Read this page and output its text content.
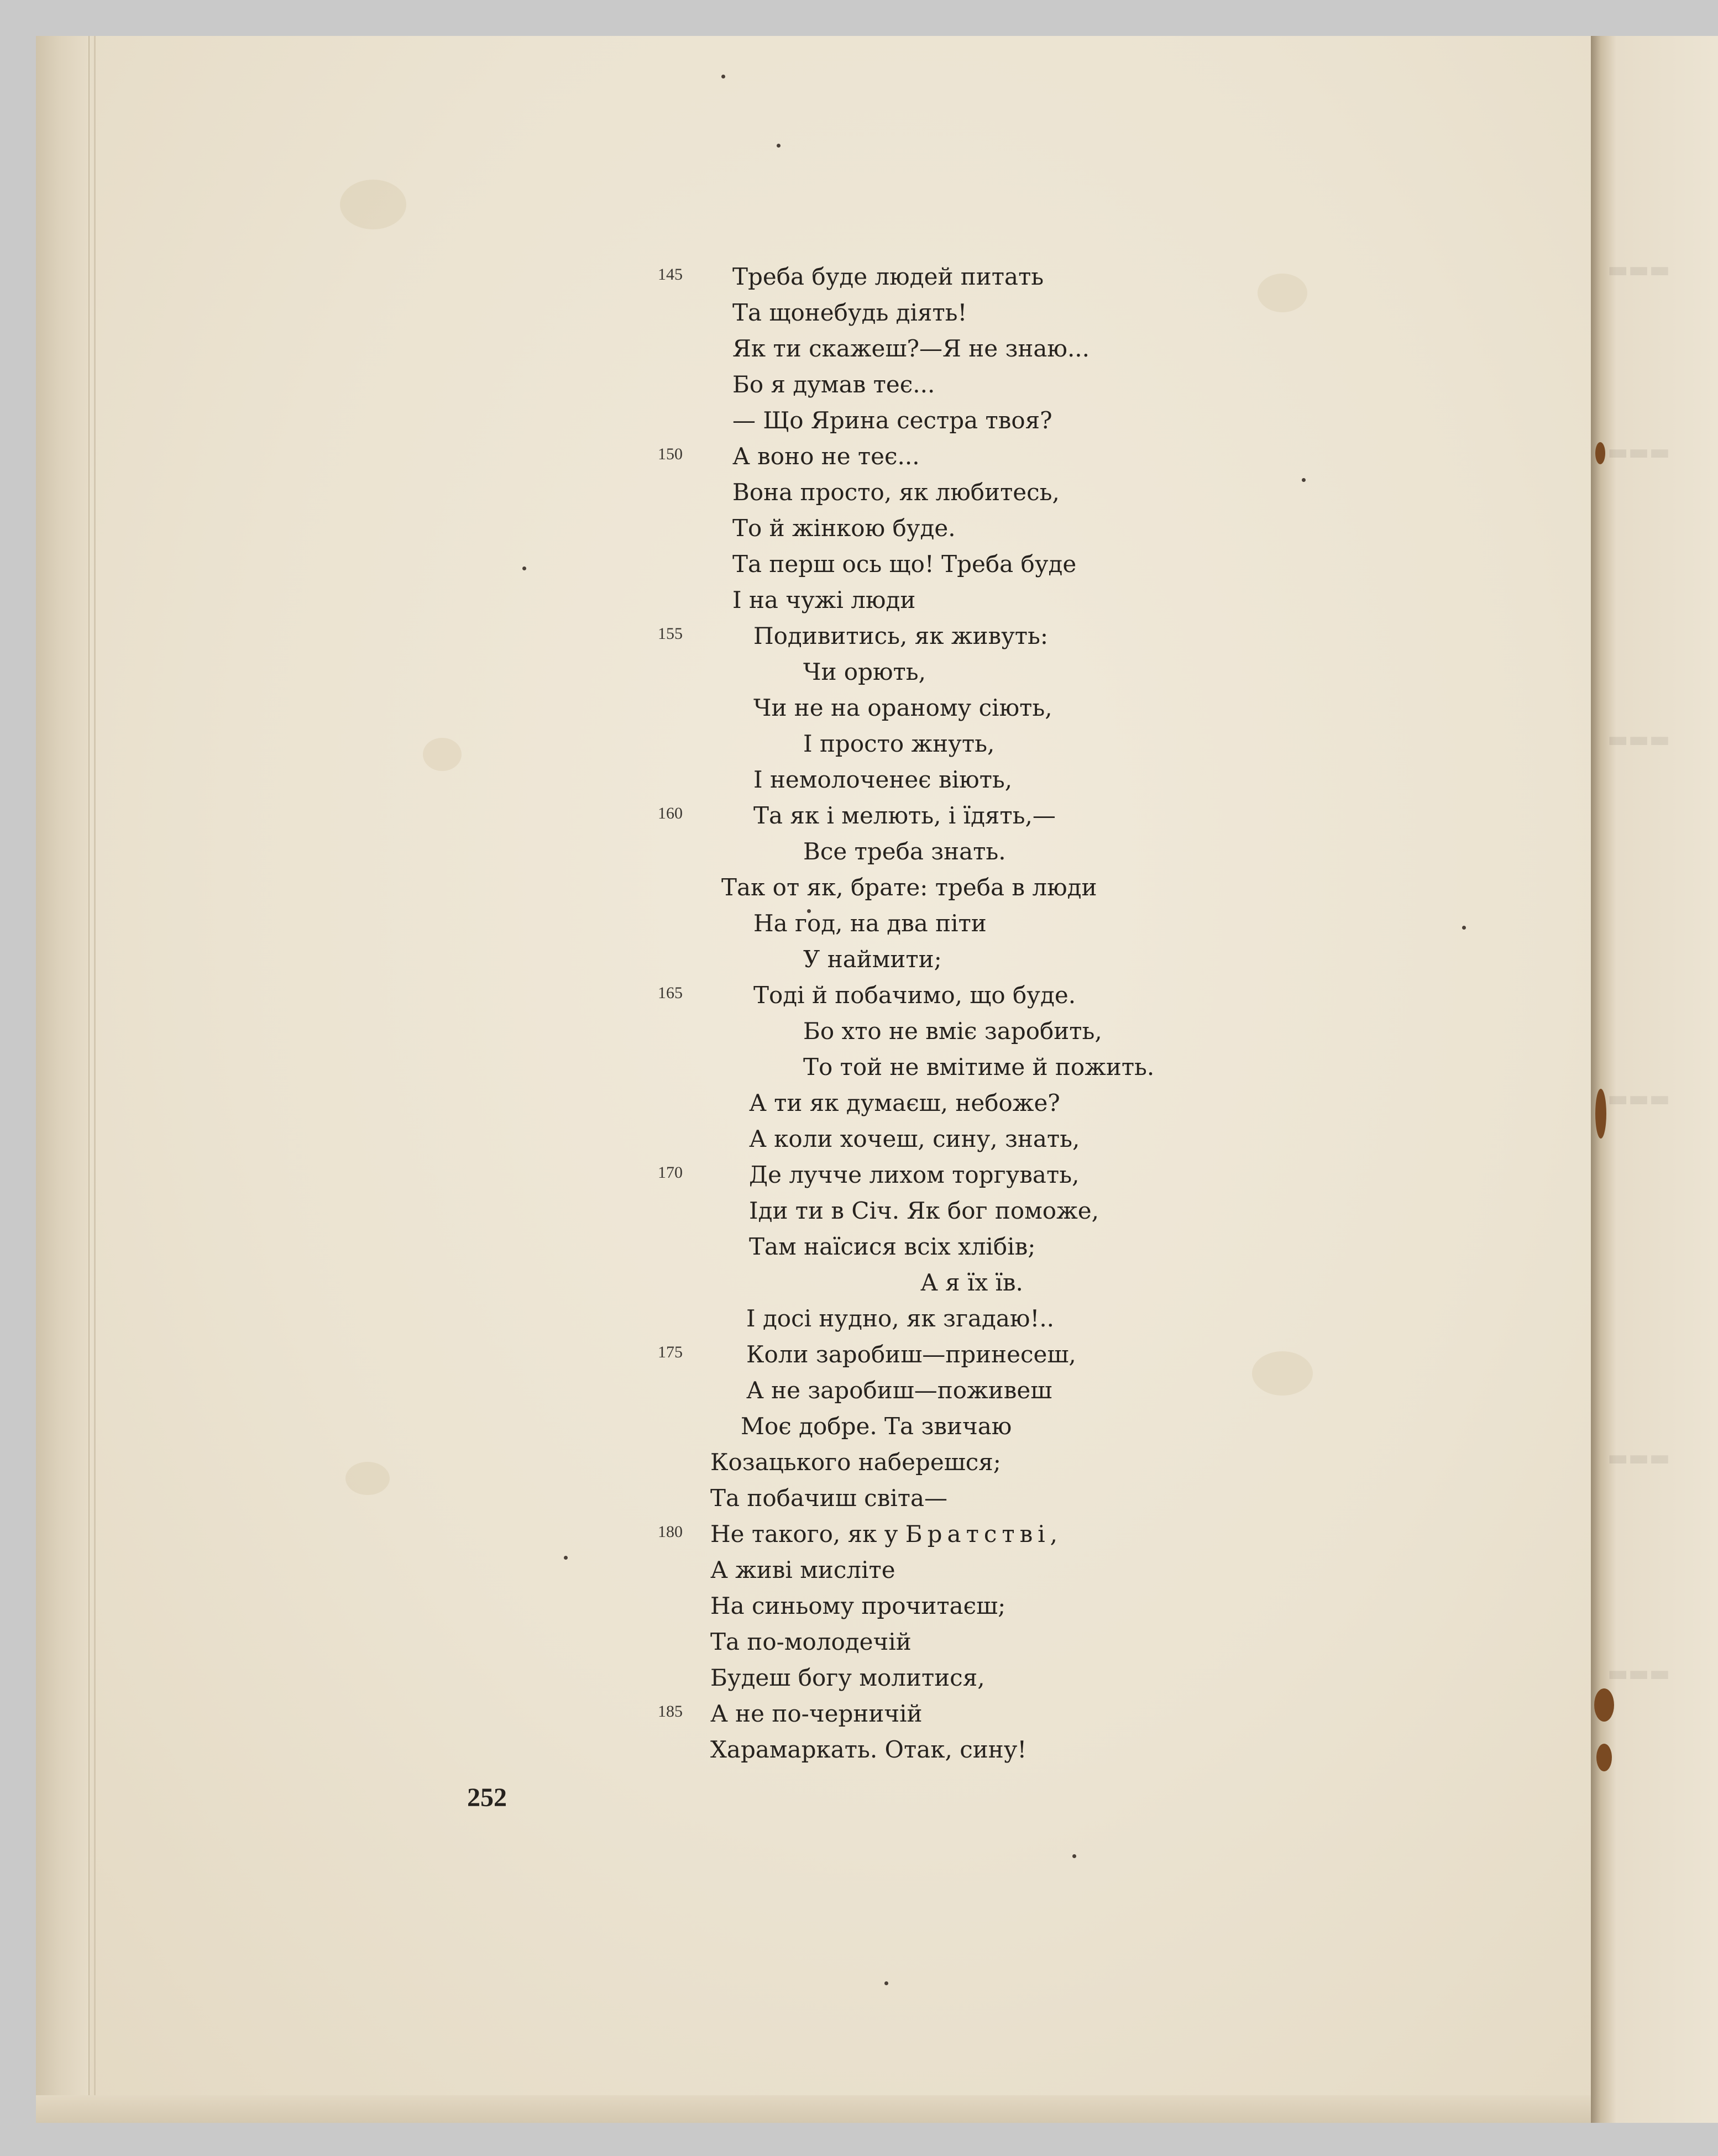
145 Треба буде людей питать
Та щонебудь діять!
Як ти скажеш?—Я не знаю...
Бо я думав теє...
— Що Ярина сестра твоя?
150 А воно не теє...
Вона просто, як любитесь,
То й жінкою буде.
Та перш ось що! Треба буде
І на чужі люди
155	Подивитись, як живуть:
Чи орють,
Чи не на ораному сіють,
І просто жнуть,
І немолоченеє віють,
160	Та як і мелють, і їдять,—
Все треба знать.
Так от як, брате: треба в люди
На год, на два піти
У наймити;
165	Тоді й побачимо, що буде.
Бо хто не вміє заробить,
То той не вмітиме й пожить.
А ти як думаєш, небоже?
А коли хочеш, сину, знать,
170	Де лучче лихом торгувать,
Іди ти в Січ. Як бог поможе,
Там наїсися всіх хлібів;
А я їх їв.
І досі нудно, як згадаю!..
175	Коли заробиш—принесеш,
А не заробиш—поживеш
Моє добре. Та звичаю
Козацького наберешся;
Та побачиш світа—
180 Не такого, як у Братстві,
А живі мисліте
На синьому прочитаєш;
Та по-молодечій
Будеш богу молитися,
185 А не по-черничій
Харамаркать. Отак, сину!
252
▬▬▬
▬▬▬
▬▬▬
▬▬▬
▬▬▬
▬▬▬
